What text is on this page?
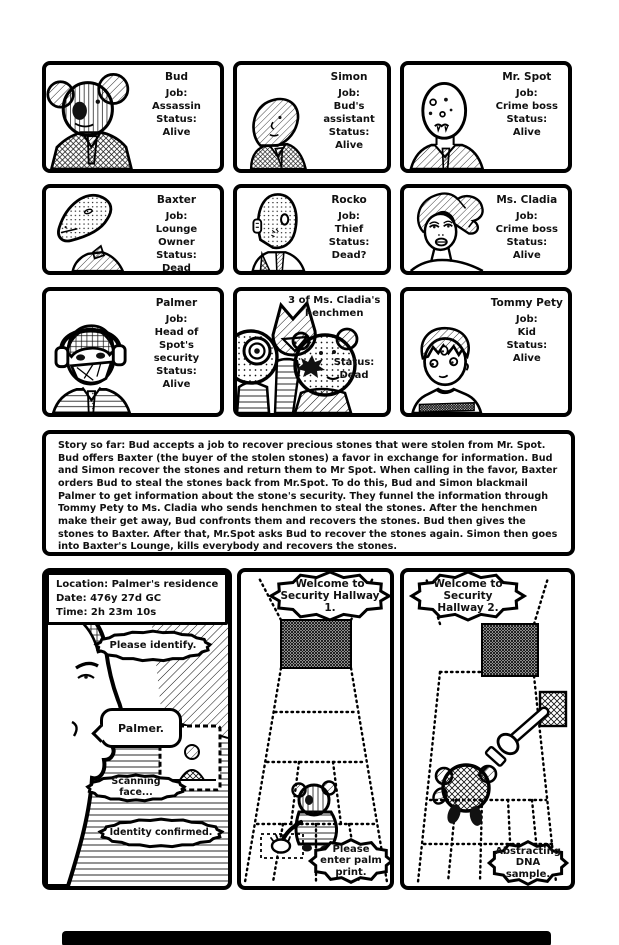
Bud
Job:
Assassin
Status:
Alive
Simon
Job:
Bud's assistant
Status:
Alive
Mr. Spot
Job:
Crime boss
Status:
Alive
Baxter
Job:
Lounge Owner
Status:
Dead
Rocko
Job:
Thief
Status:
Dead?
Ms. Cladia
Job:
Crime boss
Status:
Alive
Palmer
Job:
Head of Spot's security
Status:
Alive
3 of Ms. Cladia's henchmen
Status:
Dead
Tommy Pety
Job:
Kid
Status:
Alive
Story so far: Bud accepts a job to recover precious stones that were stolen from Mr. Spot. Bud offers Baxter (the buyer of the stolen stones) a favor in exchange for information. Bud and Simon recover the stones and return them to Mr Spot. When calling in the favor, Baxter orders Bud to steal the stones back from Mr.Spot. To do this, Bud and Simon blackmail Palmer to get information about the stone's security. They funnel the information through Tommy Pety to Ms. Cladia who sends henchmen to steal the stones. After the henchmen make their get away, Bud confronts them and recovers the stones. Bud then gives the stones to Baxter. After that, Mr.Spot asks Bud to recover the stones again. Simon then goes into Baxter's Lounge, kills everybody and recovers the stones.
Location: Palmer's residence
Date: 476y 27d GC
Time: 2h 23m 10s
Please identify.
Palmer.
Scanning face...
Identity confirmed.
Welcome to Security Hallway 1.
Please enter palm print.
Welcome to Security Hallway 2.
Abstracting DNA sample.
